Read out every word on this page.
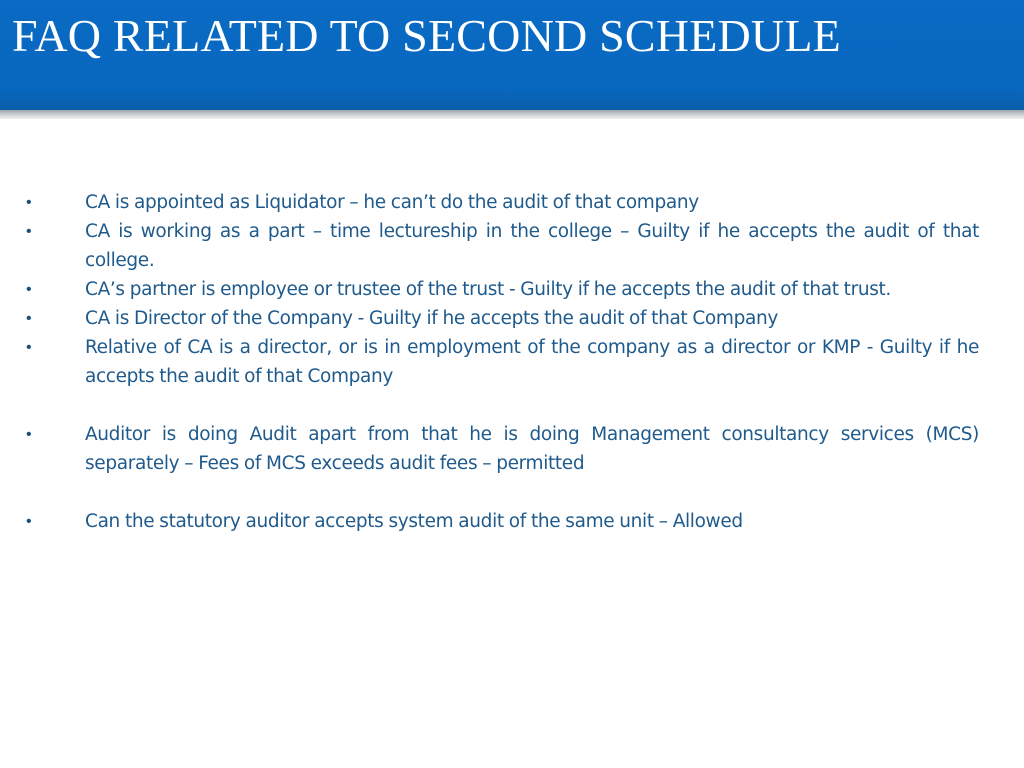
FAQ RELATED TO SECOND SCHEDULE
•	CA is appointed as Liquidator – he can’t do the audit of that company
•	CA is working as a part – time lectureship in the college – Guilty if he accepts the audit of that college.
•	CA’s partner is employee or trustee of the trust - Guilty if he accepts the audit of that trust.
•	CA is Director of the Company - Guilty if he accepts the audit of that Company
•	Relative of CA is a director, or is in employment of the company as a director or KMP - Guilty if he accepts the audit of that Company
•	Auditor is doing Audit apart from that he is doing Management consultancy services (MCS) separately – Fees of MCS exceeds audit fees – permitted
•	Can the statutory auditor accepts system audit of the same unit – Allowed
